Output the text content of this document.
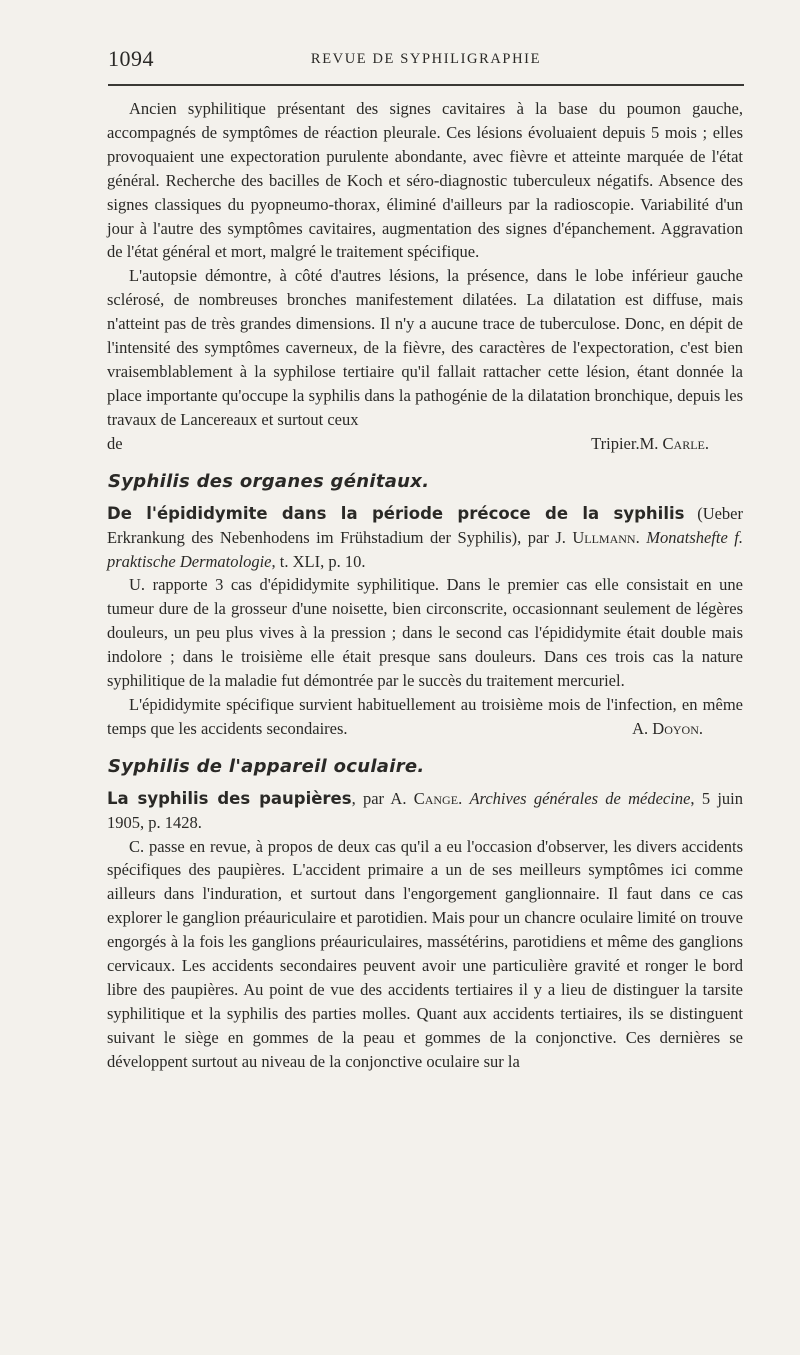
1094	REVUE DE SYPHILIGRAPHIE

Ancien syphilitique présentant des signes cavitaires à la base du poumon gauche, accompagnés de symptômes de réaction pleurale. Ces lésions évoluaient depuis 5 mois ; elles provoquaient une expectoration purulente abondante, avec fièvre et atteinte marquée de l'état général. Recherche des bacilles de Koch et séro-diagnostic tuberculeux négatifs. Absence des signes classiques du pyopneumo-thorax, éliminé d'ailleurs par la radioscopie. Variabilité d'un jour à l'autre des symptômes cavitaires, augmentation des signes d'épanchement. Aggravation de l'état général et mort, malgré le traitement spécifique.

L'autopsie démontre, à côté d'autres lésions, la présence, dans le lobe inférieur gauche sclérosé, de nombreuses bronches manifestement dilatées. La dilatation est diffuse, mais n'atteint pas de très grandes dimensions. Il n'y a aucune trace de tuberculose. Donc, en dépit de l'intensité des symptômes caverneux, de la fièvre, des caractères de l'expectoration, c'est bien vraisemblablement à la syphilose tertiaire qu'il fallait rattacher cette lésion, étant donnée la place importante qu'occupe la syphilis dans la pathogénie de la dilatation bronchique, depuis les travaux de Lancereaux et surtout ceux

de Tripier. M. Carle.

Syphilis des organes génitaux.

De l'épididymite dans la période précoce de la syphilis (Ueber Erkrankung des Nebenhodens im Frühstadium der Syphilis), par J. Ullmann. Monatshefte f. praktische Dermatologie, t. XLI, p. 10.

U. rapporte 3 cas d'épididymite syphilitique. Dans le premier cas elle consistait en une tumeur dure de la grosseur d'une noisette, bien circonscrite, occasionnant seulement de légères douleurs, un peu plus vives à la pression ; dans le second cas l'épididymite était double mais indolore ; dans le troisième elle était presque sans douleurs. Dans ces trois cas la nature syphilitique de la maladie fut démontrée par le succès du traitement mercuriel.

L'épididymite spécifique survient habituellement au troisième mois de l'infection, en même temps que les accidents secondaires.	A. Doyon.

Syphilis de l'appareil oculaire.

La syphilis des paupières, par A. Cange. Archives générales de médecine, 5 juin 1905, p. 1428.

C. passe en revue, à propos de deux cas qu'il a eu l'occasion d'observer, les divers accidents spécifiques des paupières. L'accident primaire a un de ses meilleurs symptômes ici comme ailleurs dans l'induration, et surtout dans l'engorgement ganglionnaire. Il faut dans ce cas explorer le ganglion préauriculaire et parotidien. Mais pour un chancre oculaire limité on trouve engorgés à la fois les ganglions préauriculaires, massétérins, parotidiens et même des ganglions cervicaux. Les accidents secondaires peuvent avoir une particulière gravité et ronger le bord libre des paupières. Au point de vue des accidents tertiaires il y a lieu de distinguer la tarsite syphilitique et la syphilis des parties molles. Quant aux accidents tertiaires, ils se distinguent suivant le siège en gommes de la peau et gommes de la conjonctive. Ces dernières se développent surtout au niveau de la conjonctive oculaire sur la
